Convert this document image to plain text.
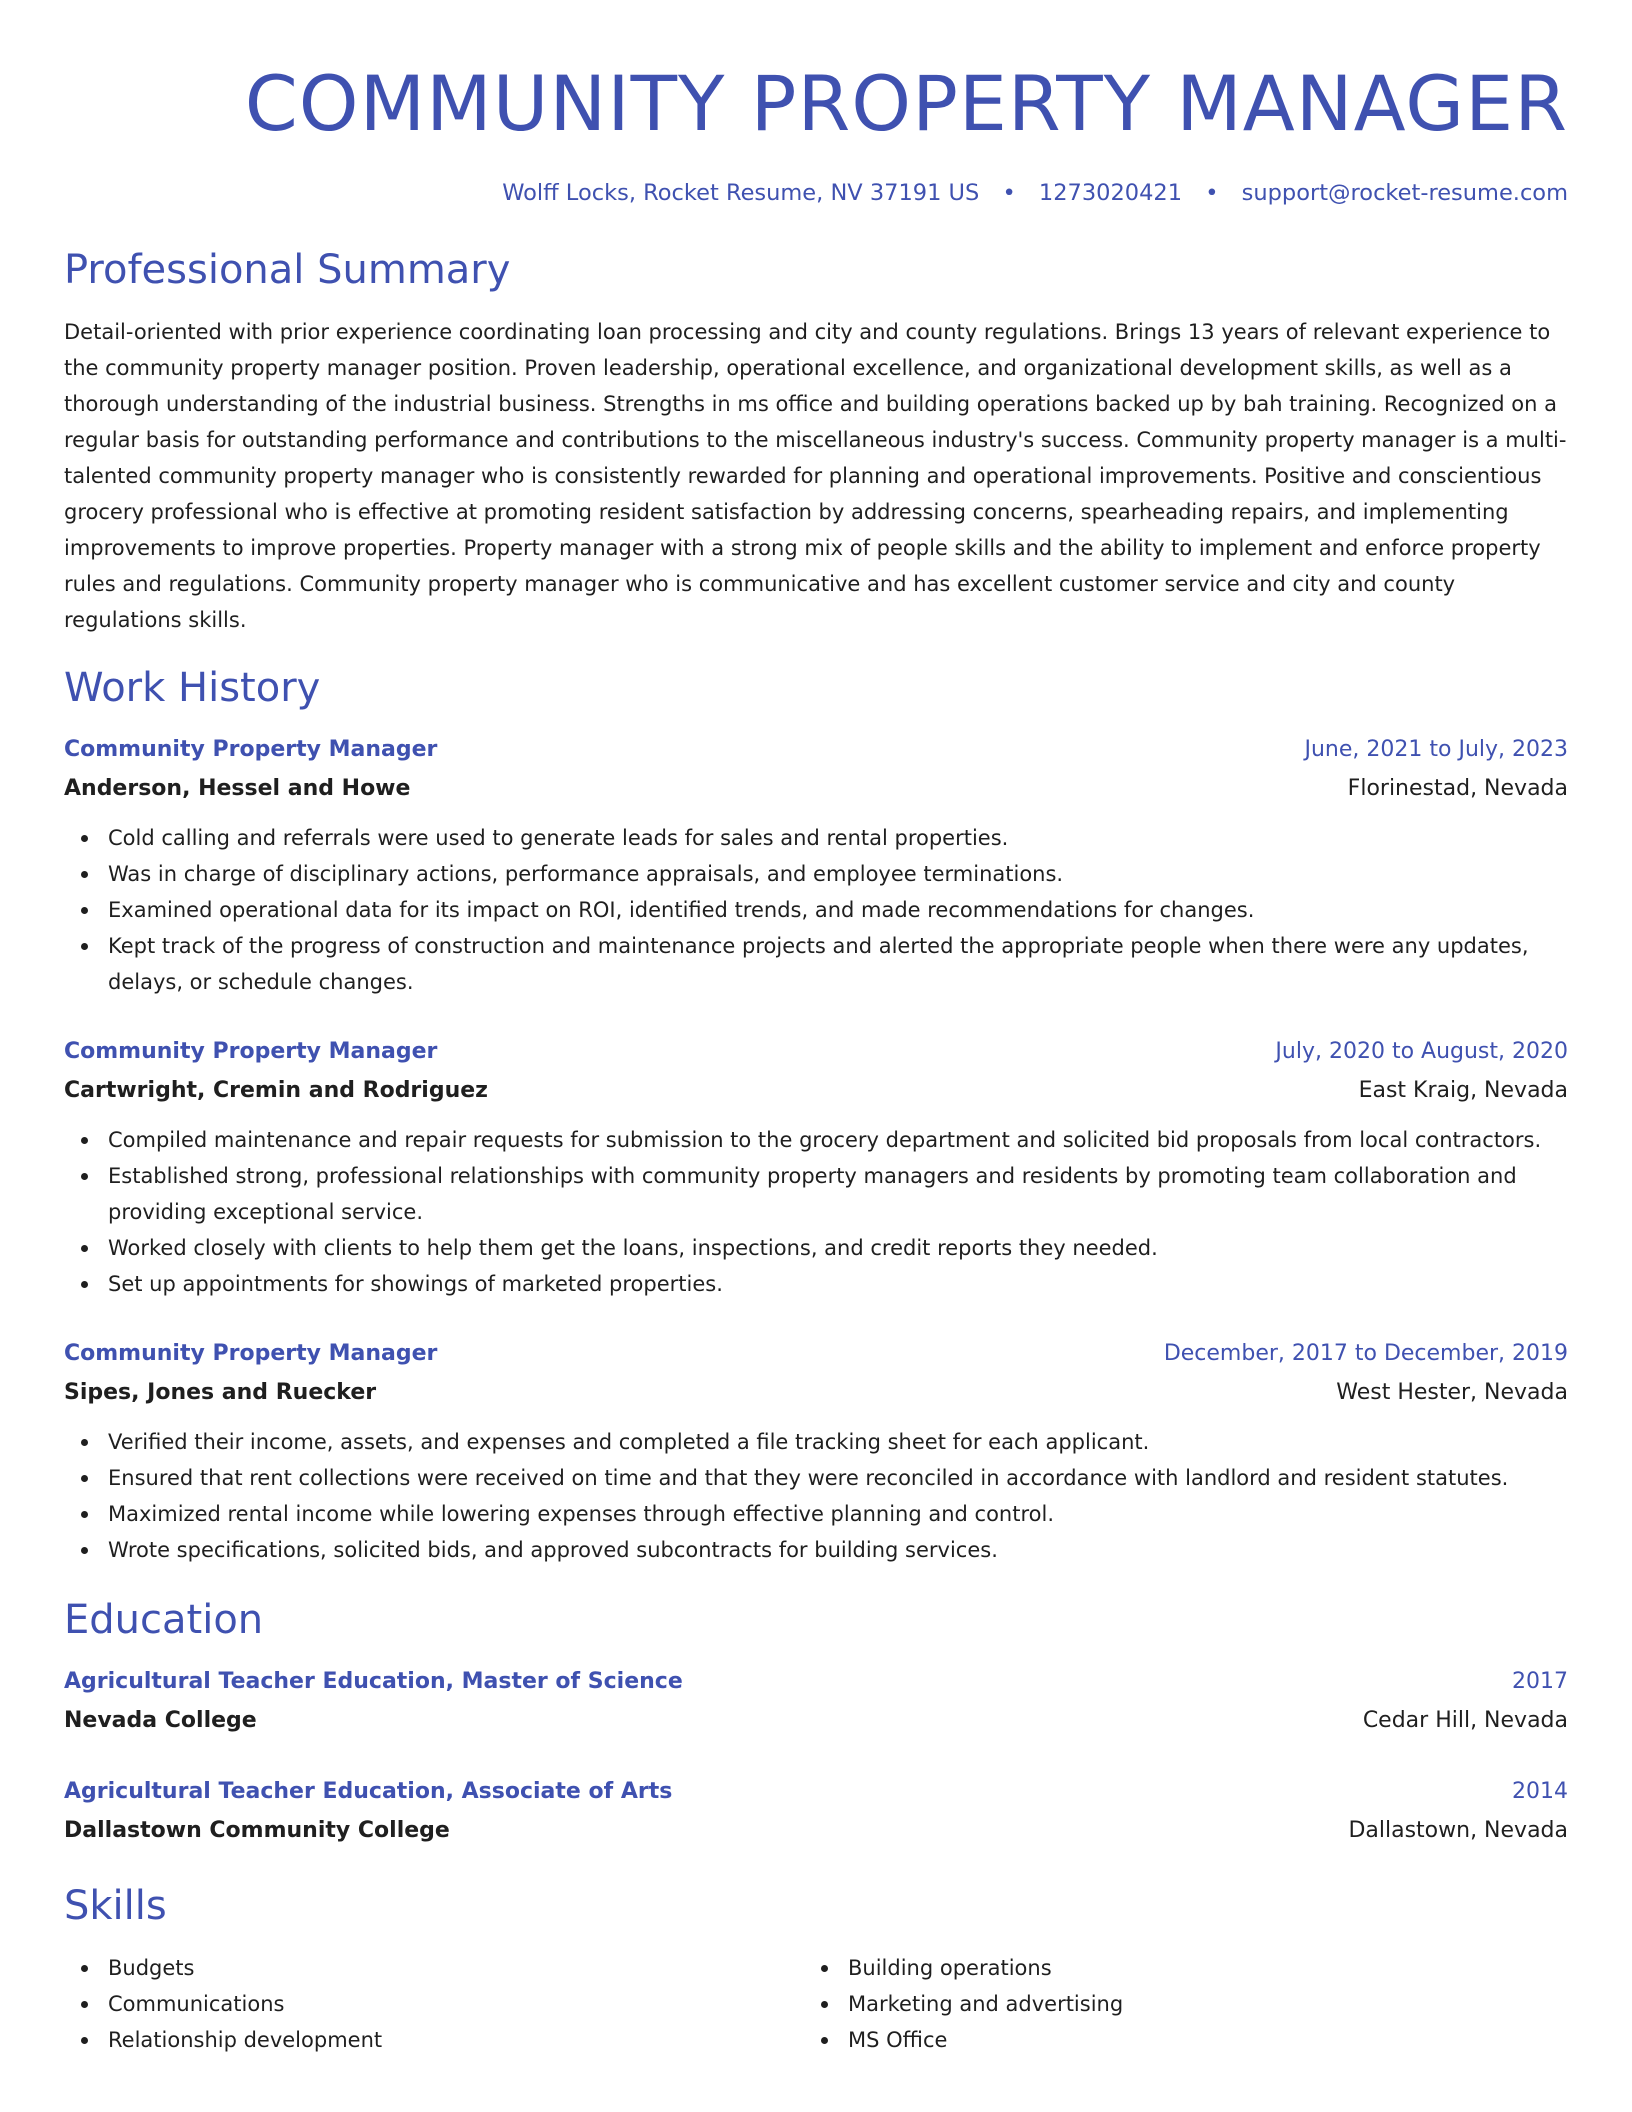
COMMUNITY PROPERTY MANAGER
Wolff Locks, Rocket Resume, NV 37191 US • 1273020421 • support@rocket-resume.com
Professional Summary

Detail-oriented with prior experience coordinating loan processing and city and county regulations. Brings 13 years of relevant experience to the community property manager position. Proven leadership, operational excellence, and organizational development skills, as well as a thorough understanding of the industrial business. Strengths in ms office and building operations backed up by bah training. Recognized on a regular basis for outstanding performance and contributions to the miscellaneous industry's success. Community property manager is a multi-talented community property manager who is consistently rewarded for planning and operational improvements. Positive and conscientious grocery professional who is effective at promoting resident satisfaction by addressing concerns, spearheading repairs, and implementing improvements to improve properties. Property manager with a strong mix of people skills and the ability to implement and enforce property rules and regulations. Community property manager who is communicative and has excellent customer service and city and county regulations skills.

Work History
Community Property Manager	June, 2021 to July, 2023
Anderson, Hessel and Howe	Florinestad, Nevada
Cold calling and referrals were used to generate leads for sales and rental properties.
Was in charge of disciplinary actions, performance appraisals, and employee terminations.
Examined operational data for its impact on ROI, identified trends, and made recommendations for changes.
Kept track of the progress of construction and maintenance projects and alerted the appropriate people when there were any updates, delays, or schedule changes.
Community Property Manager	July, 2020 to August, 2020
Cartwright, Cremin and Rodriguez	East Kraig, Nevada
Compiled maintenance and repair requests for submission to the grocery department and solicited bid proposals from local contractors.
Established strong, professional relationships with community property managers and residents by promoting team collaboration and providing exceptional service.
Worked closely with clients to help them get the loans, inspections, and credit reports they needed.
Set up appointments for showings of marketed properties.
Community Property Manager	December, 2017 to December, 2019
Sipes, Jones and Ruecker	West Hester, Nevada
Verified their income, assets, and expenses and completed a file tracking sheet for each applicant.
Ensured that rent collections were received on time and that they were reconciled in accordance with landlord and resident statutes.
Maximized rental income while lowering expenses through effective planning and control.
Wrote specifications, solicited bids, and approved subcontracts for building services.
Education
Agricultural Teacher Education, Master of Science	2017
Nevada College	Cedar Hill, Nevada
Agricultural Teacher Education, Associate of Arts	2014
Dallastown Community College	Dallastown, Nevada
Skills
Budgets
Communications
Relationship development
Building operations
Marketing and advertising
MS Office
